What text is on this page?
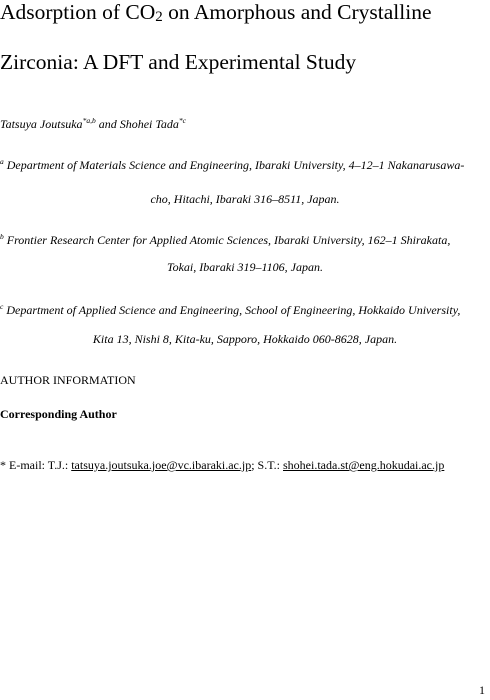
Adsorption of $CO_2$ on Amorphous and Crystalline
Zirconia: A DFT and Experimental Study
Tatsuya Joutsuka$^{*a,b}$ and Shohei Tada$^{*c}$
$^a$ Department of Materials Science and Engineering, Ibaraki University, 4–12–1 Nakanarusawa-
cho, Hitachi, Ibaraki 316–8511, Japan.
$^b$ Frontier Research Center for Applied Atomic Sciences, Ibaraki University, 162–1 Shirakata,
Tokai, Ibaraki 319–1106, Japan.
$^c$ Department of Applied Science and Engineering, School of Engineering, Hokkaido University,
Kita 13, Nishi 8, Kita-ku, Sapporo, Hokkaido 060-8628, Japan.
AUTHOR INFORMATION
Corresponding Author
* E-mail: T.J.: tatsuya.joutsuka.joe@vc.ibaraki.ac.jp; S.T.: shohei.tada.st@eng.hokudai.ac.jp
1
